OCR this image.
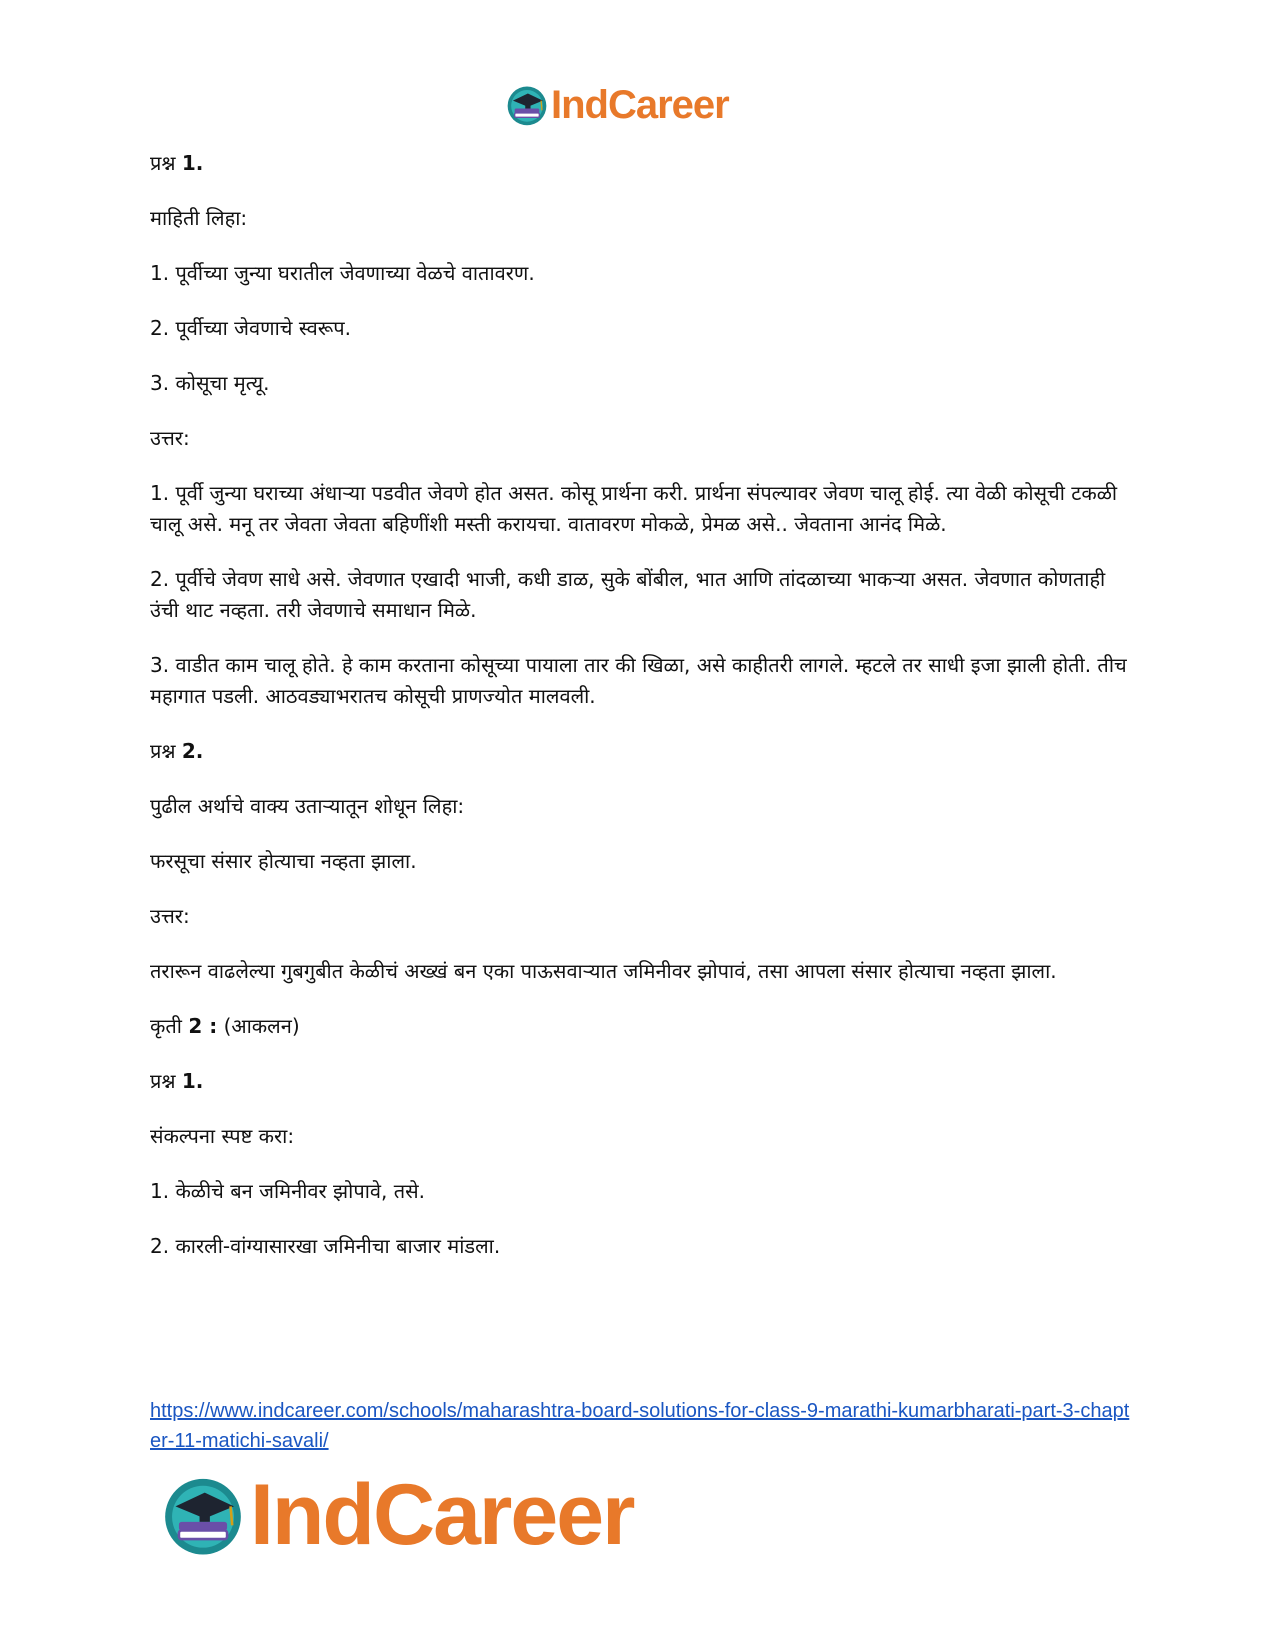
IndCareer

प्रश्न 1.

माहिती लिहा:

1. पूर्वीच्या जुन्या घरातील जेवणाच्या वेळचे वातावरण.

2. पूर्वीच्या जेवणाचे स्वरूप.

3. कोसूचा मृत्यू.

उत्तर:

1. पूर्वी जुन्या घराच्या अंधाऱ्या पडवीत जेवणे होत असत. कोसू प्रार्थना करी. प्रार्थना संपल्यावर जेवण चालू होई. त्या वेळी कोसूची टकळी चालू असे. मनू तर जेवता जेवता बहिणींशी मस्ती करायचा. वातावरण मोकळे, प्रेमळ असे.. जेवताना आनंद मिळे.

2. पूर्वीचे जेवण साधे असे. जेवणात एखादी भाजी, कधी डाळ, सुके बोंबील, भात आणि तांदळाच्या भाकऱ्या असत. जेवणात कोणताही उंची थाट नव्हता. तरी जेवणाचे समाधान मिळे.

3. वाडीत काम चालू होते. हे काम करताना कोसूच्या पायाला तार की खिळा, असे काहीतरी लागले. म्हटले तर साधी इजा झाली होती. तीच महागात पडली. आठवड्याभरातच कोसूची प्राणज्योत मालवली.

प्रश्न 2.

पुढील अर्थाचे वाक्य उताऱ्यातून शोधून लिहा:

फरसूचा संसार होत्याचा नव्हता झाला.

उत्तर:

तरारून वाढलेल्या गुबगुबीत केळीचं अख्खं बन एका पाऊसवाऱ्यात जमिनीवर झोपावं, तसा आपला संसार होत्याचा नव्हता झाला.

कृती 2 : (आकलन)

प्रश्न 1.

संकल्पना स्पष्ट करा:

1. केळीचे बन जमिनीवर झोपावे, तसे.

2. कारली-वांग्यासारखा जमिनीचा बाजार मांडला.

https://www.indcareer.com/schools/maharashtra-board-solutions-for-class-9-marathi-kumarbharati-part-3-chapter-11-matichi-savali/
IndCareer
